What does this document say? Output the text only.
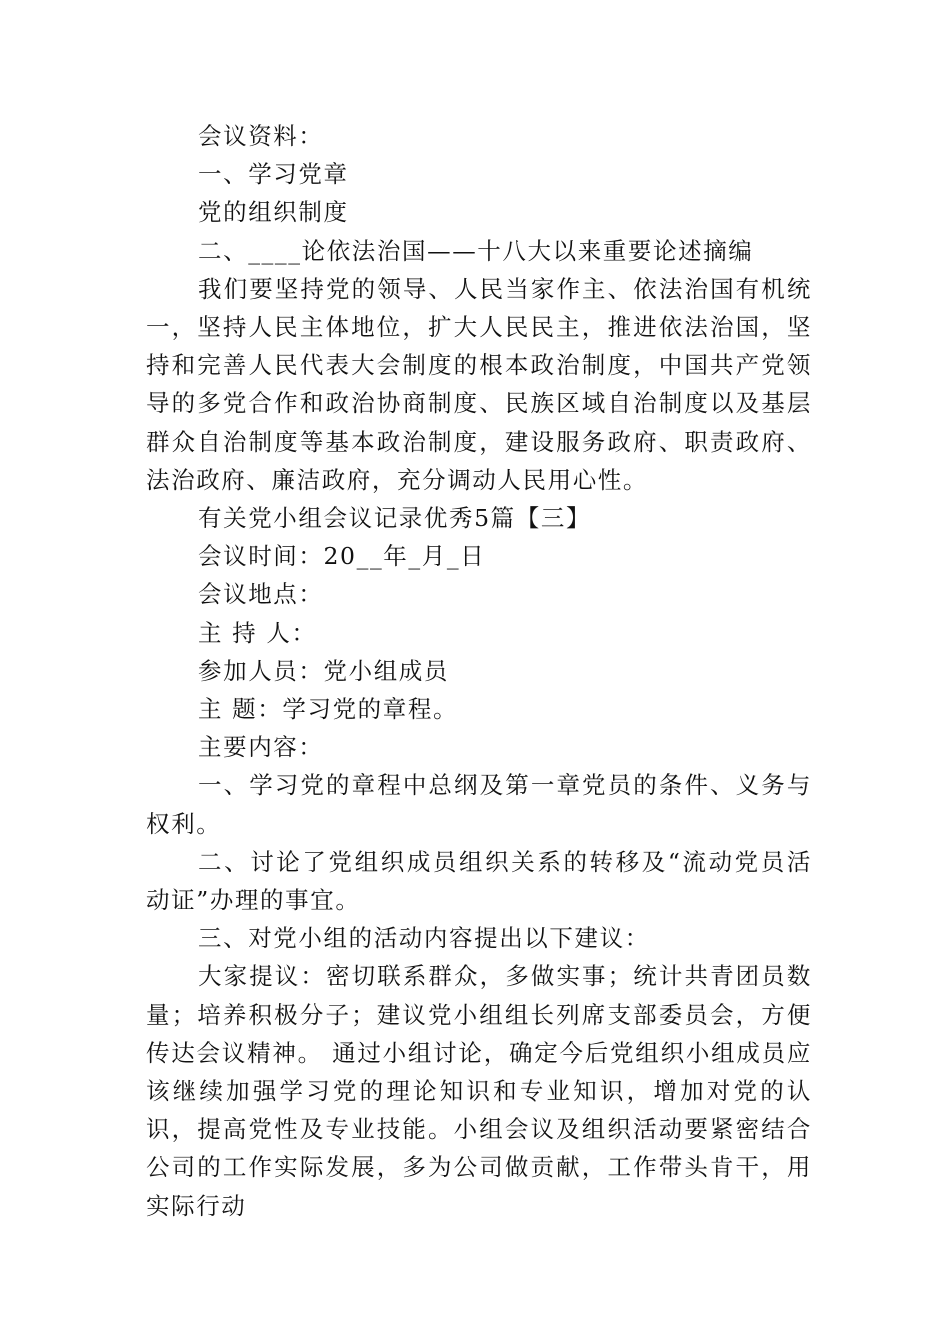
会议资料：

一、学习党章

党的组织制度

二、____论依法治国——十八大以来重要论述摘编

我们要坚持党的领导、人民当家作主、依法治国有机统一，坚持人民主体地位，扩大人民民主，推进依法治国，坚持和完善人民代表大会制度的根本政治制度，中国共产党领导的多党合作和政治协商制度、民族区域自治制度以及基层群众自治制度等基本政治制度，建设服务政府、职责政府、法治政府、廉洁政府，充分调动人民用心性。

有关党小组会议记录优秀5篇【三】

会议时间：20__年_月_日

会议地点：

主 持 人：

参加人员：党小组成员

主 题：学习党的章程。

主要内容：

一、学习党的章程中总纲及第一章党员的条件、义务与权利。

二、讨论了党组织成员组织关系的转移及“流动党员活动证”办理的事宜。

三、对党小组的活动内容提出以下建议：

大家提议：密切联系群众，多做实事；统计共青团员数量；培养积极分子；建议党小组组长列席支部委员会，方便传达会议精神。 通过小组讨论，确定今后党组织小组成员应该继续加强学习党的理论知识和专业知识，增加对党的认识，提高党性及专业技能。小组会议及组织活动要紧密结合公司的工作实际发展，多为公司做贡献，工作带头肯干，用实际行动
